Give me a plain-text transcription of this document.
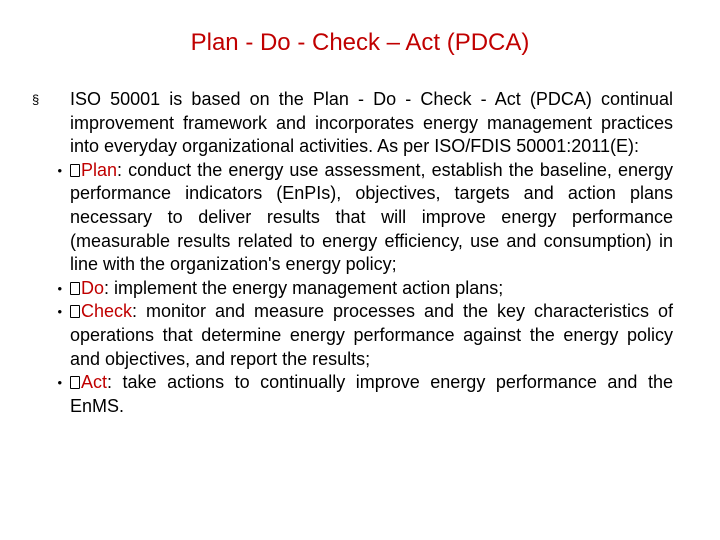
Plan - Do - Check – Act (PDCA)
§	ISO 50001 is based on the Plan - Do - Check - Act (PDCA) continual improvement framework and incorporates energy management practices into everyday organizational activities. As per ISO/FDIS 50001:2011(E):
• Plan: conduct the energy use assessment, establish the baseline, energy performance indicators (EnPIs), objectives, targets and action plans necessary to deliver results that will improve energy performance (measurable results related to energy efficiency, use and consumption) in line with the organization's energy policy;
• Do: implement the energy management action plans;
• Check: monitor and measure processes and the key characteristics of operations that determine energy performance against the energy policy and objectives, and report the results;
• Act: take actions to continually improve energy performance and the EnMS.
